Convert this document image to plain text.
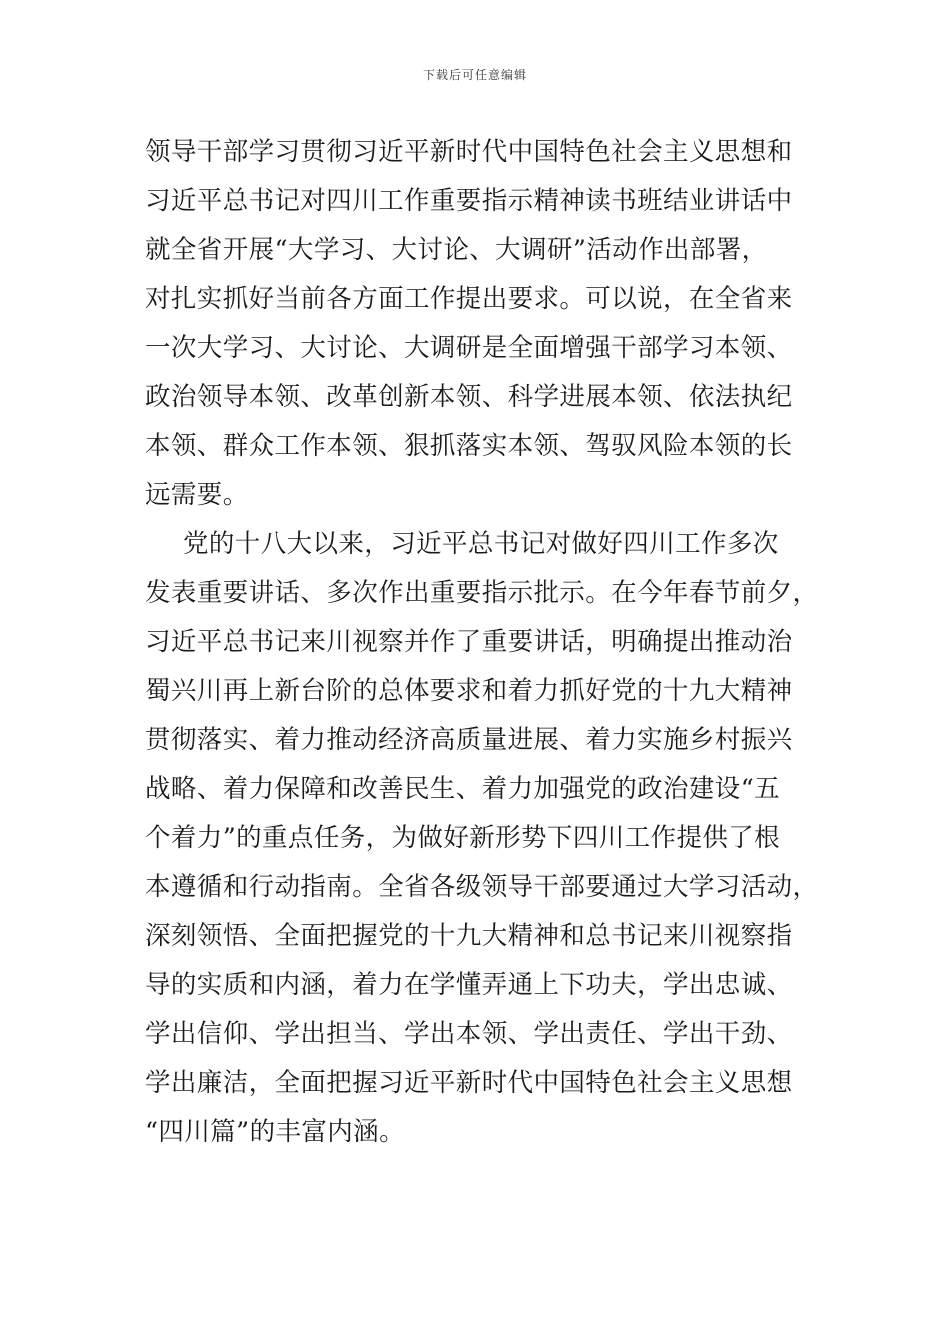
下载后可任意编辑
领导干部学习贯彻习近平新时代中国特色社会主义思想和
习近平总书记对四川工作重要指示精神读书班结业讲话中
就全省开展“大学习、大讨论、大调研”活动作出部署，
对扎实抓好当前各方面工作提出要求。可以说，在全省来
一次大学习、大讨论、大调研是全面增强干部学习本领、
政治领导本领、改革创新本领、科学进展本领、依法执纪
本领、群众工作本领、狠抓落实本领、驾驭风险本领的长
远需要。
党的十八大以来，习近平总书记对做好四川工作多次
发表重要讲话、多次作出重要指示批示。在今年春节前夕，
习近平总书记来川视察并作了重要讲话，明确提出推动治
蜀兴川再上新台阶的总体要求和着力抓好党的十九大精神
贯彻落实、着力推动经济高质量进展、着力实施乡村振兴
战略、着力保障和改善民生、着力加强党的政治建设“五
个着力”的重点任务，为做好新形势下四川工作提供了根
本遵循和行动指南。全省各级领导干部要通过大学习活动，
深刻领悟、全面把握党的十九大精神和总书记来川视察指
导的实质和内涵，着力在学懂弄通上下功夫，学出忠诚、
学出信仰、学出担当、学出本领、学出责任、学出干劲、
学出廉洁，全面把握习近平新时代中国特色社会主义思想
“四川篇”的丰富内涵。
